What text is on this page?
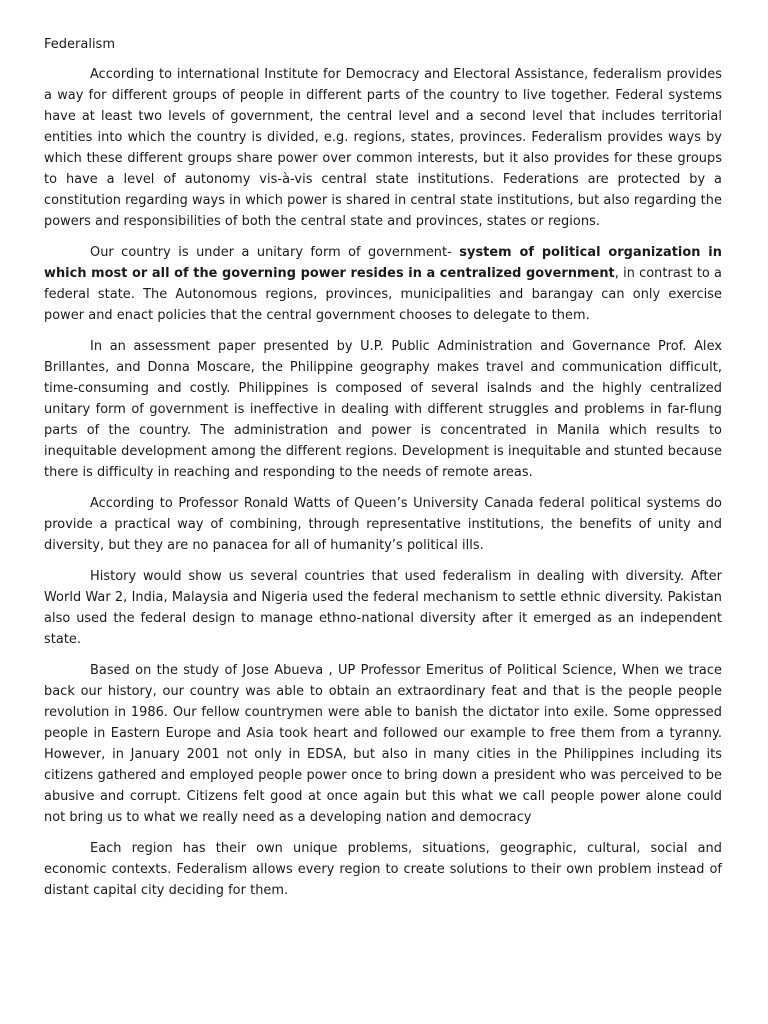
Federalism

According to international Institute for Democracy and Electoral Assistance, federalism provides a way for different groups of people in different parts of the country to live together. Federal systems have at least two levels of government, the central level and a second level that includes territorial entities into which the country is divided, e.g. regions, states, provinces. Federalism provides ways by which these different groups share power over common interests, but it also provides for these groups to have a level of autonomy vis-à-vis central state institutions. Federations are protected by a constitution regarding ways in which power is shared in central state institutions, but also regarding the powers and responsibilities of both the central state and provinces, states or regions.

Our country is under a unitary form of government- system of political organization in which most or all of the governing power resides in a centralized government, in contrast to a federal state. The Autonomous regions, provinces, municipalities and barangay can only exercise power and enact policies that the central government chooses to delegate to them.

In an assessment paper presented by U.P. Public Administration and Governance Prof. Alex Brillantes, and Donna Moscare, the Philippine geography makes travel and communication difficult, time-consuming and costly. Philippines is composed of several isalnds and the highly centralized unitary form of government is ineffective in dealing with different struggles and problems in far-flung parts of the country. The administration and power is concentrated in Manila which results to inequitable development among the different regions. Development is inequitable and stunted because there is difficulty in reaching and responding to the needs of remote areas.

According to Professor Ronald Watts of Queen’s University Canada federal political systems do provide a practical way of combining, through representative institutions, the benefits of unity and diversity, but they are no panacea for all of humanity’s political ills.

History would show us several countries that used federalism in dealing with diversity. After World War 2, India, Malaysia and Nigeria used the federal mechanism to settle ethnic diversity. Pakistan also used the federal design to manage ethno-national diversity after it emerged as an independent state.

Based on the study of Jose Abueva , UP Professor Emeritus of Political Science, When we trace back our history, our country was able to obtain an extraordinary feat and that is the people people revolution in 1986. Our fellow countrymen were able to banish the dictator into exile. Some oppressed people in Eastern Europe and Asia took heart and followed our example to free them from a tyranny. However, in January 2001 not only in EDSA, but also in many cities in the Philippines including its citizens gathered and employed people power once to bring down a president who was perceived to be abusive and corrupt. Citizens felt good at once again but this what we call people power alone could not bring us to what we really need as a developing nation and democracy

Each region has their own unique problems, situations, geographic, cultural, social and economic contexts. Federalism allows every region to create solutions to their own problem instead of distant capital city deciding for them.
